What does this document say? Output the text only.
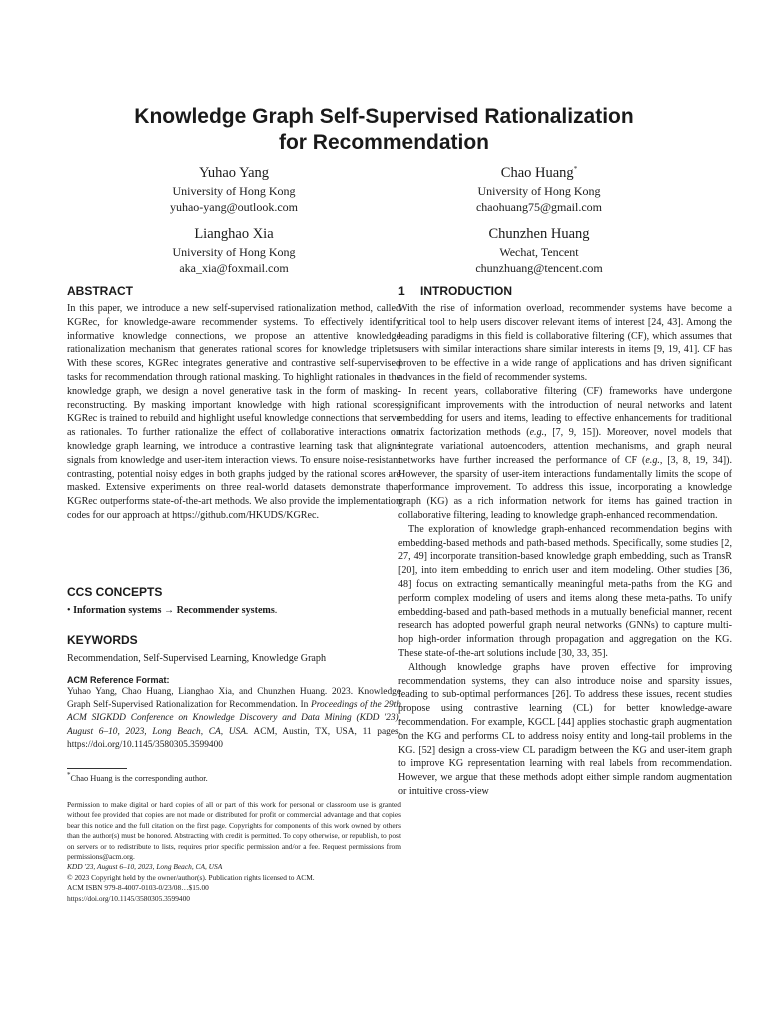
Knowledge Graph Self-Supervised Rationalization
for Recommendation
Yuhao Yang
University of Hong Kong
yuhao-yang@outlook.com
Chao Huang*
University of Hong Kong
chaohuang75@gmail.com
Lianghao Xia
University of Hong Kong
aka_xia@foxmail.com
Chunzhen Huang
Wechat, Tencent
chunzhuang@tencent.com
ABSTRACT

In this paper, we introduce a new self-supervised rationalization method, called KGRec, for knowledge-aware recommender systems. To effectively identify informative knowledge connections, we propose an attentive knowledge rationalization mechanism that generates rational scores for knowledge triplets. With these scores, KGRec integrates generative and contrastive self-supervised tasks for recommendation through rational masking. To highlight rationales in the knowledge graph, we design a novel generative task in the form of masking-reconstructing. By masking important knowledge with high rational scores, KGRec is trained to rebuild and highlight useful knowledge connections that serve as rationales. To further rationalize the effect of collaborative interactions on knowledge graph learning, we introduce a contrastive learning task that aligns signals from knowledge and user-item interaction views. To ensure noise-resistant contrasting, potential noisy edges in both graphs judged by the rational scores are masked. Extensive experiments on three real-world datasets demonstrate that KGRec outperforms state-of-the-art methods. We also provide the implementation codes for our approach at https://github.com/HKUDS/KGRec.

CCS CONCEPTS

• Information systems → Recommender systems.

KEYWORDS

Recommendation, Self-Supervised Learning, Knowledge Graph

ACM Reference Format:
Yuhao Yang, Chao Huang, Lianghao Xia, and Chunzhen Huang. 2023. Knowledge Graph Self-Supervised Rationalization for Recommendation. In Proceedings of the 29th ACM SIGKDD Conference on Knowledge Discovery and Data Mining (KDD '23), August 6–10, 2023, Long Beach, CA, USA. ACM, Austin, TX, USA, 11 pages. https://doi.org/10.1145/3580305.3599400
*Chao Huang is the corresponding author.

Permission to make digital or hard copies of all or part of this work for personal or classroom use is granted without fee provided that copies are not made or distributed for profit or commercial advantage and that copies bear this notice and the full citation on the first page. Copyrights for components of this work owned by others than the author(s) must be honored. Abstracting with credit is permitted. To copy otherwise, or republish, to post on servers or to redistribute to lists, requires prior specific permission and/or a fee. Request permissions from permissions@acm.org.

KDD '23, August 6–10, 2023, Long Beach, CA, USA

© 2023 Copyright held by the owner/author(s). Publication rights licensed to ACM.

ACM ISBN 979-8-4007-0103-0/23/08…$15.00

https://doi.org/10.1145/3580305.3599400

1 INTRODUCTION

With the rise of information overload, recommender systems have become a critical tool to help users discover relevant items of interest [24, 43]. Among the leading paradigms in this field is collaborative filtering (CF), which assumes that users with similar interactions share similar interests in items [9, 19, 41]. CF has proven to be effective in a wide range of applications and has driven significant advances in the field of recommender systems.

In recent years, collaborative filtering (CF) frameworks have undergone significant improvements with the introduction of neural networks and latent embedding for users and items, leading to effective enhancements for traditional matrix factorization methods (e.g., [7, 9, 15]). Moreover, novel models that integrate variational autoencoders, attention mechanisms, and graph neural networks have further increased the performance of CF (e.g., [3, 8, 19, 34]). However, the sparsity of user-item interactions fundamentally limits the scope of performance improvement. To address this issue, incorporating a knowledge graph (KG) as a rich information network for items has gained traction in collaborative filtering, leading to knowledge graph-enhanced recommendation.

The exploration of knowledge graph-enhanced recommendation begins with embedding-based methods and path-based methods. Specifically, some studies [2, 27, 49] incorporate transition-based knowledge graph embedding, such as TransR [20], into item embedding to enrich user and item modeling. Other studies [36, 48] focus on extracting semantically meaningful meta-paths from the KG and perform complex modeling of users and items along these meta-paths. To unify embedding-based and path-based methods in a mutually beneficial manner, recent research has adopted powerful graph neural networks (GNNs) to capture multi-hop high-order information through propagation and aggregation on the KG. These state-of-the-art solutions include [30, 33, 35].

Although knowledge graphs have proven effective for improving recommendation systems, they can also introduce noise and sparsity issues, leading to sub-optimal performances [26]. To address these issues, recent studies propose using contrastive learning (CL) for better knowledge-aware recommendation. For example, KGCL [44] applies stochastic graph augmentation on the KG and performs CL to address noisy entity and long-tail problems in the KG. [52] design a cross-view CL paradigm between the KG and user-item graph to improve KG representation learning with real labels from recommendation. However, we argue that these methods adopt either simple random augmentation or intuitive cross-view
